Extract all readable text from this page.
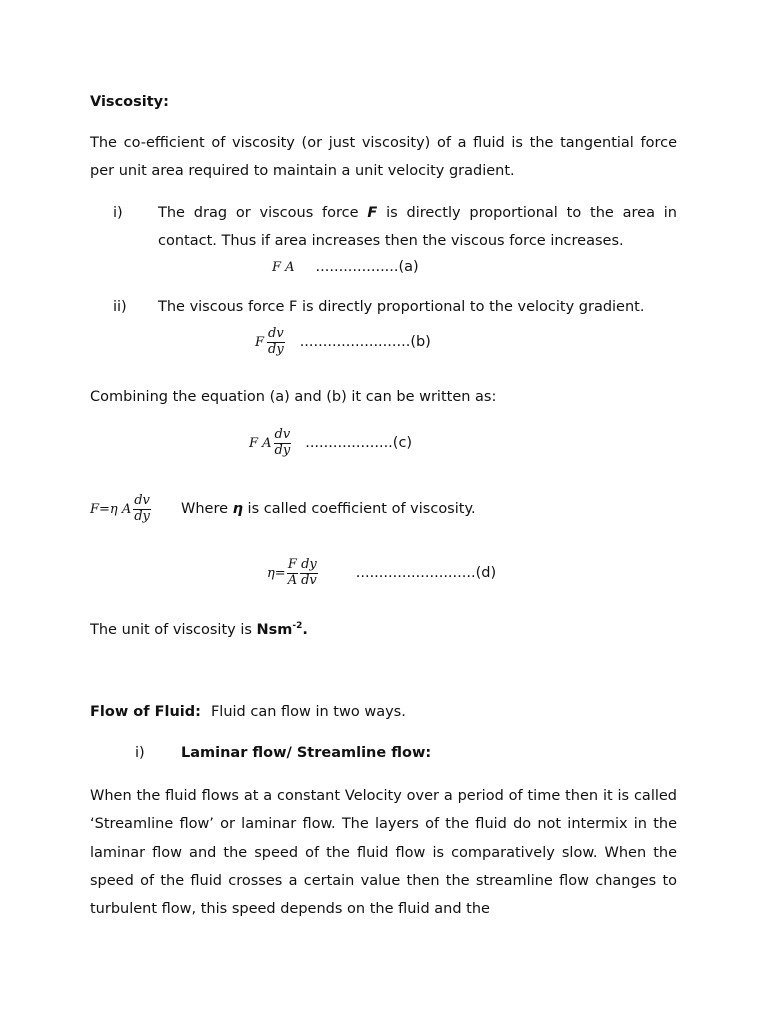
Viscosity:
The co-efficient of viscosity (or just viscosity) of a fluid is the tangential force per unit area required to maintain a unit velocity gradient.
i) The drag or viscous force F is directly proportional to the area in contact. Thus if area increases then the viscous force increases.
F A ..................(a)
ii) The viscous force F is directly proportional to the velocity gradient.
F $\frac{dv}{dy} ........................(b)$
Combining the equation (a) and (b) it can be written as:
F A $\frac{dv}{dy} ...................(c)$
F=η A $\frac{dv}{dy}$ Where η is called coefficient of viscosity.
$\eta= \frac{F}{A} \frac{dy}{dv}$	..........................(d)
The unit of viscosity is Nsm$^{-2}$.
Flow of Fluid: Fluid can flow in two ways.
i)	Laminar flow/ Streamline flow:
When the fluid flows at a constant Velocity over a period of time then it is called ‘Streamline flow’ or laminar flow. The layers of the fluid do not intermix in the laminar flow and the speed of the fluid flow is comparatively slow. When the speed of the fluid crosses a certain value then the streamline flow changes to turbulent flow, this speed depends on the fluid and the
